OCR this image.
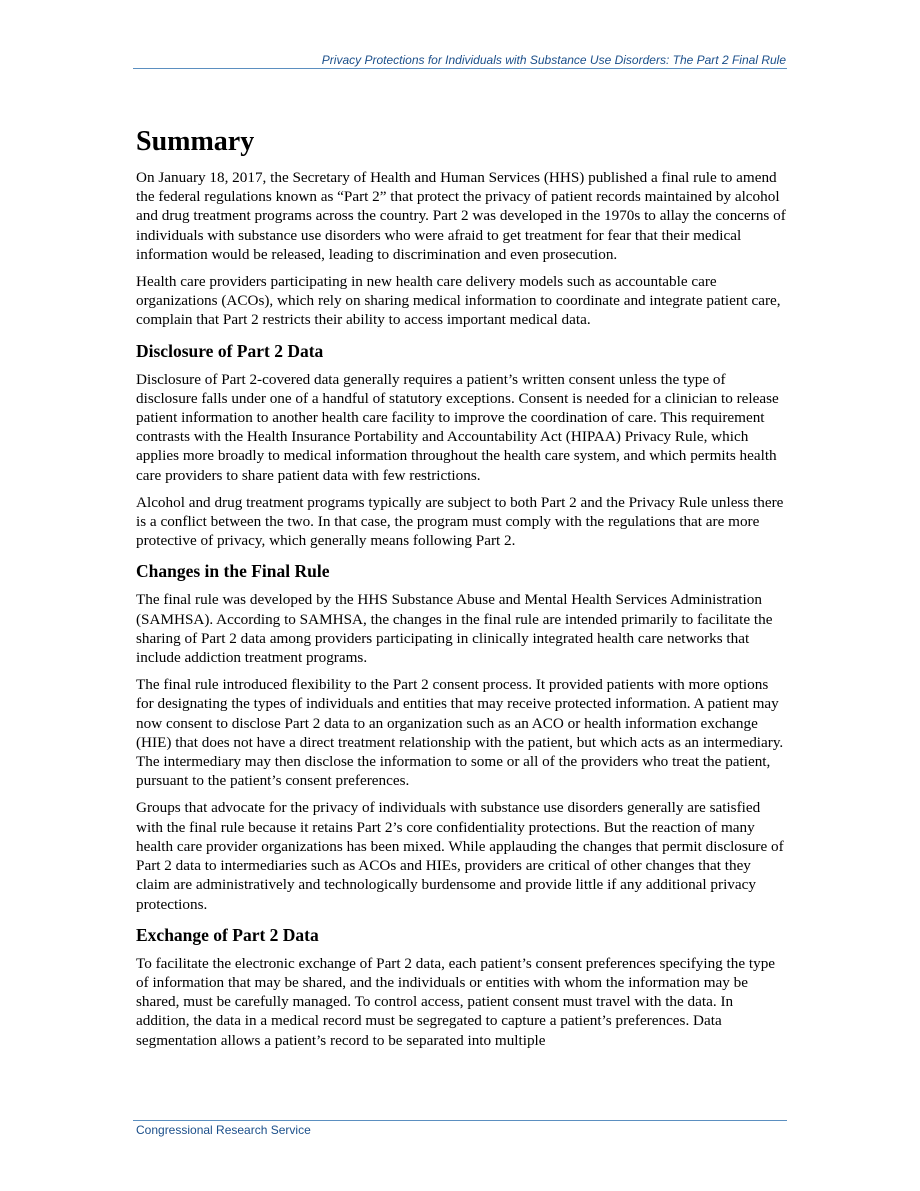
Privacy Protections for Individuals with Substance Use Disorders: The Part 2 Final Rule
Summary

On January 18, 2017, the Secretary of Health and Human Services (HHS) published a final rule to amend the federal regulations known as “Part 2” that protect the privacy of patient records maintained by alcohol and drug treatment programs across the country. Part 2 was developed in the 1970s to allay the concerns of individuals with substance use disorders who were afraid to get treatment for fear that their medical information would be released, leading to discrimination and even prosecution.

Health care providers participating in new health care delivery models such as accountable care organizations (ACOs), which rely on sharing medical information to coordinate and integrate patient care, complain that Part 2 restricts their ability to access important medical data.

Disclosure of Part 2 Data

Disclosure of Part 2-covered data generally requires a patient’s written consent unless the type of disclosure falls under one of a handful of statutory exceptions. Consent is needed for a clinician to release patient information to another health care facility to improve the coordination of care. This requirement contrasts with the Health Insurance Portability and Accountability Act (HIPAA) Privacy Rule, which applies more broadly to medical information throughout the health care system, and which permits health care providers to share patient data with few restrictions.

Alcohol and drug treatment programs typically are subject to both Part 2 and the Privacy Rule unless there is a conflict between the two. In that case, the program must comply with the regulations that are more protective of privacy, which generally means following Part 2.

Changes in the Final Rule

The final rule was developed by the HHS Substance Abuse and Mental Health Services Administration (SAMHSA). According to SAMHSA, the changes in the final rule are intended primarily to facilitate the sharing of Part 2 data among providers participating in clinically integrated health care networks that include addiction treatment programs.

The final rule introduced flexibility to the Part 2 consent process. It provided patients with more options for designating the types of individuals and entities that may receive protected information. A patient may now consent to disclose Part 2 data to an organization such as an ACO or health information exchange (HIE) that does not have a direct treatment relationship with the patient, but which acts as an intermediary. The intermediary may then disclose the information to some or all of the providers who treat the patient, pursuant to the patient’s consent preferences.

Groups that advocate for the privacy of individuals with substance use disorders generally are satisfied with the final rule because it retains Part 2’s core confidentiality protections. But the reaction of many health care provider organizations has been mixed. While applauding the changes that permit disclosure of Part 2 data to intermediaries such as ACOs and HIEs, providers are critical of other changes that they claim are administratively and technologically burdensome and provide little if any additional privacy protections.

Exchange of Part 2 Data

To facilitate the electronic exchange of Part 2 data, each patient’s consent preferences specifying the type of information that may be shared, and the individuals or entities with whom the information may be shared, must be carefully managed. To control access, patient consent must travel with the data. In addition, the data in a medical record must be segregated to capture a patient’s preferences. Data segmentation allows a patient’s record to be separated into multiple

Congressional Research Service
